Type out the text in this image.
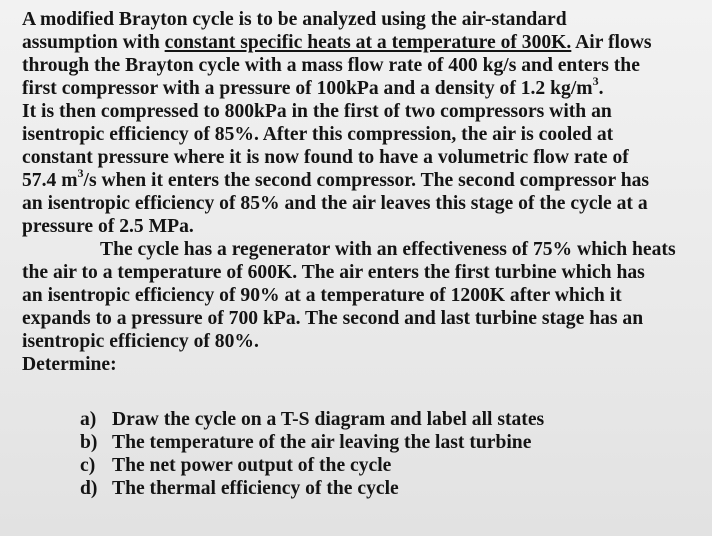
A modified Brayton cycle is to be analyzed using the air-standard
assumption with constant specific heats at a temperature of 300K. Air flows
through the Brayton cycle with a mass flow rate of 400 kg/s and enters the
first compressor with a pressure of 100kPa and a density of 1.2 $kg/m^3$.
It is then compressed to 800kPa in the first of two compressors with an
isentropic efficiency of 85%. After this compression, the air is cooled at
constant pressure where it is now found to have a volumetric flow rate of
57.4 $m^3/s$ when it enters the second compressor. The second compressor has
an isentropic efficiency of 85% and the air leaves this stage of the cycle at a
pressure of 2.5 MPa.

The cycle has a regenerator with an effectiveness of 75% which heats
the air to a temperature of 600K. The air enters the first turbine which has
an isentropic efficiency of 90% at a temperature of 1200K after which it
expands to a pressure of 700 kPa. The second and last turbine stage has an
isentropic efficiency of 80%.

Determine:

a) Draw the cycle on a T-S diagram and label all states
b) The temperature of the air leaving the last turbine
c) The net power output of the cycle
d) The thermal efficiency of the cycle
